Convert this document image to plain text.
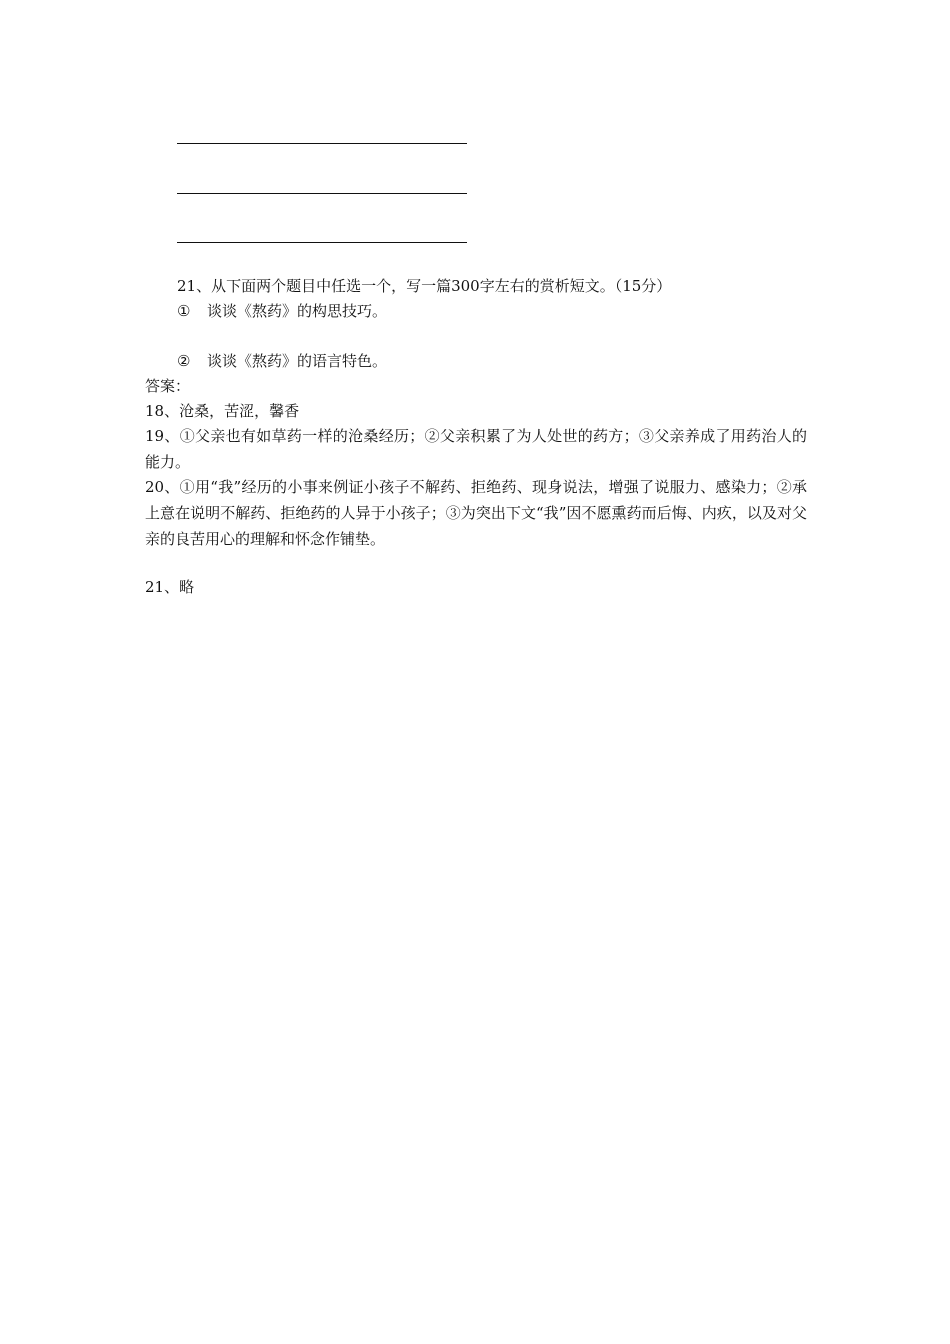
21、从下面两个题目中任选一个，写一篇300字左右的赏析短文。（15分）
① 谈谈《熬药》的构思技巧。
② 谈谈《熬药》的语言特色。
答案：
18、沧桑，苦涩，馨香
19、①父亲也有如草药一样的沧桑经历；②父亲积累了为人处世的药方；③父亲养成了用药治人的能力。
20、①用“我”经历的小事来例证小孩子不解药、拒绝药、现身说法，增强了说服力、感染力；②承上意在说明不解药、拒绝药的人异于小孩子；③为突出下文“我”因不愿熏药而后悔、内疚，以及对父亲的良苦用心的理解和怀念作铺垫。
21、略
